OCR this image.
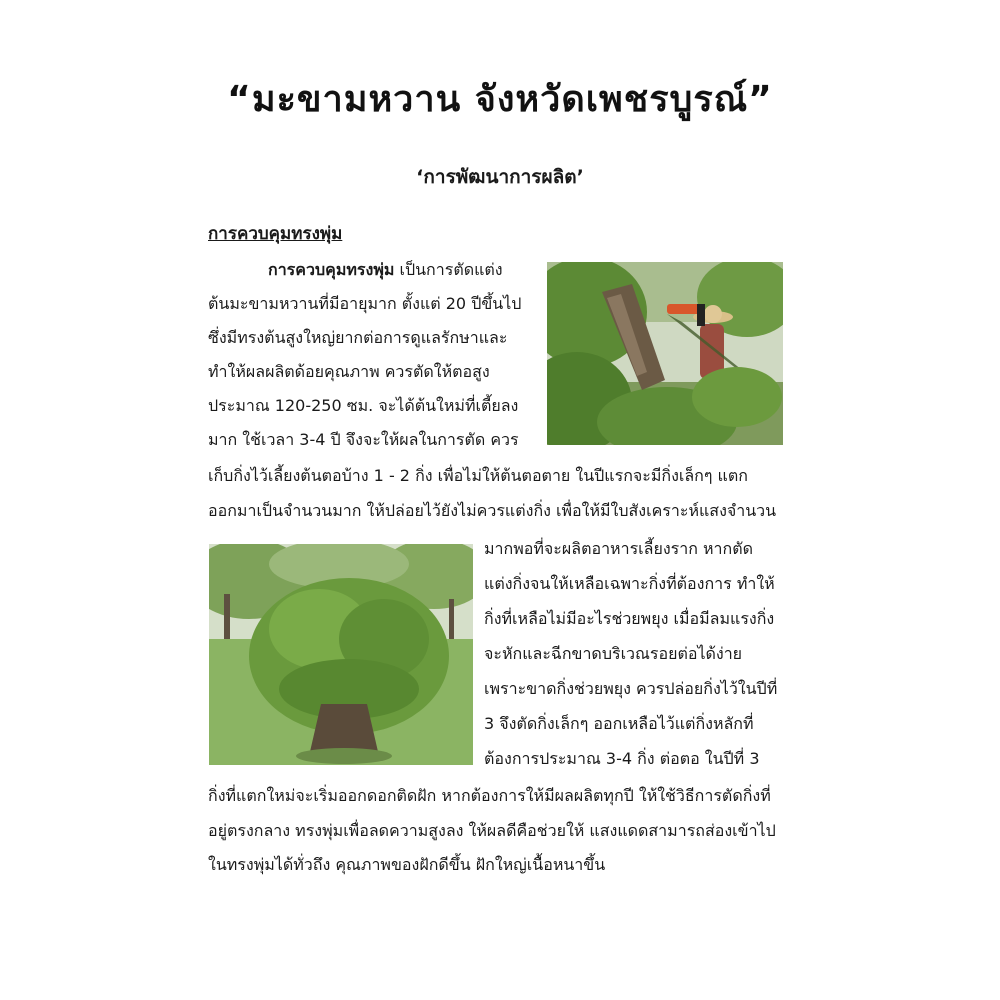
“มะขามหวาน จังหวัดเพชรบูรณ์”
‘การพัฒนาการผลิต’
การควบคุมทรงพุ่ม
การควบคุมทรงพุ่ม เป็นการตัดแต่ง
ต้นมะขามหวานที่มีอายุมาก ตั้งแต่ 20 ปีขึ้นไป
ซึ่งมีทรงต้นสูงใหญ่ยากต่อการดูแลรักษาและ
ทำให้ผลผลิตด้อยคุณภาพ ควรตัดให้ตอสูง
ประมาณ 120-250 ซม. จะได้ต้นใหม่ที่เตี้ยลง
มาก ใช้เวลา 3-4 ปี จึงจะให้ผลในการตัด ควร
เก็บกิ่งไว้เลี้ยงต้นตอบ้าง 1 - 2 กิ่ง เพื่อไม่ให้ต้นตอตาย ในปีแรกจะมีกิ่งเล็กๆ แตก
ออกมาเป็นจำนวนมาก ให้ปล่อยไว้ยังไม่ควรแต่งกิ่ง เพื่อให้มีใบสังเคราะห์แสงจำนวน
มากพอที่จะผลิตอาหารเลี้ยงราก หากตัด
แต่งกิ่งจนให้เหลือเฉพาะกิ่งที่ต้องการ ทำให้
กิ่งที่เหลือไม่มีอะไรช่วยพยุง เมื่อมีลมแรงกิ่ง
จะหักและฉีกขาดบริเวณรอยต่อได้ง่าย
เพราะขาดกิ่งช่วยพยุง ควรปล่อยกิ่งไว้ในปีที่
3 จึงตัดกิ่งเล็กๆ ออกเหลือไว้แต่กิ่งหลักที่
ต้องการประมาณ 3-4 กิ่ง ต่อตอ ในปีที่ 3
กิ่งที่แตกใหม่จะเริ่มออกดอกติดฝัก หากต้องการให้มีผลผลิตทุกปี ให้ใช้วิธีการตัดกิ่งที่
อยู่ตรงกลาง ทรงพุ่มเพื่อลดความสูงลง ให้ผลดีคือช่วยให้ แสงแดดสามารถส่องเข้าไป
ในทรงพุ่มได้ทั่วถึง คุณภาพของฝักดีขึ้น ฝักใหญ่เนื้อหนาขึ้น
